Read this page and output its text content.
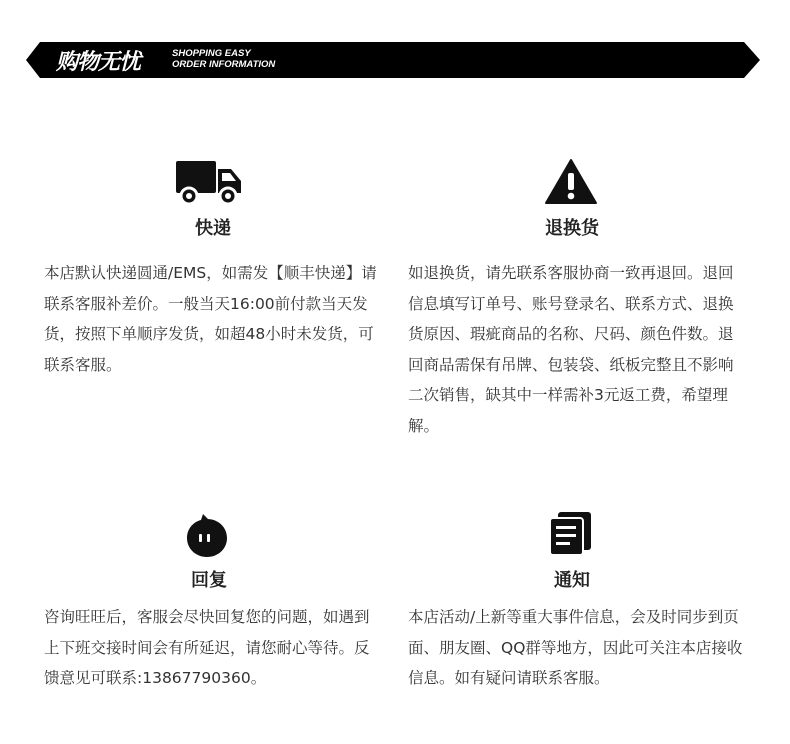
购物无忧	SHOPPING EASY
ORDER INFORMATION
快递
本店默认快递圆通/EMS，如需发【顺丰快递】请联系客服补差价。一般当天16:00前付款当天发货，按照下单顺序发货，如超48小时未发货，可联系客服。
退换货
如退换货，请先联系客服协商一致再退回。退回信息填写订单号、账号登录名、联系方式、退换货原因、瑕疵商品的名称、尺码、颜色件数。退回商品需保有吊牌、包装袋、纸板完整且不影响二次销售，缺其中一样需补3元返工费，希望理解。
回复
咨询旺旺后，客服会尽快回复您的问题，如遇到上下班交接时间会有所延迟，请您耐心等待。反馈意见可联系:13867790360。
通知
本店活动/上新等重大事件信息，会及时同步到页面、朋友圈、QQ群等地方，因此可关注本店接收信息。如有疑问请联系客服。
